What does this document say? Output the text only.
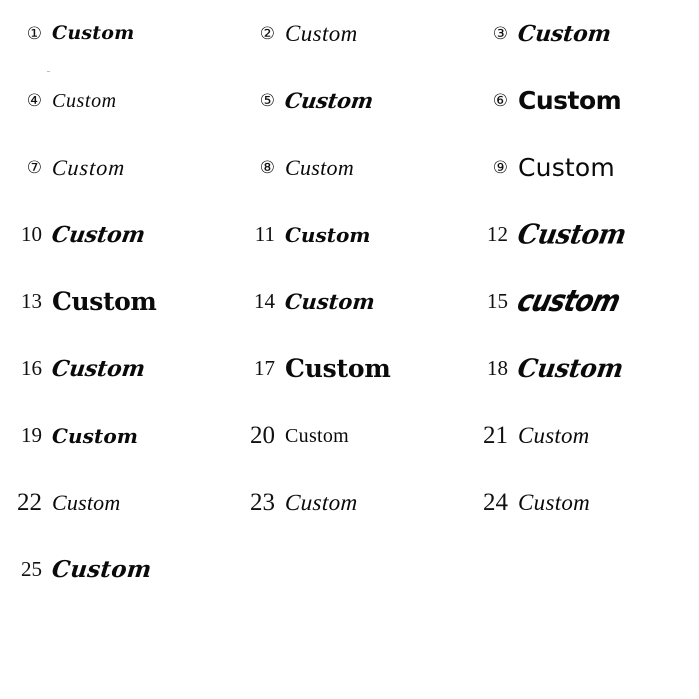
① Custom	② Custom	③ Custom
④ Custom	⑤ Custom	⑥ Custom
⑦ Custom	⑧ Custom	⑨ Custom
10 Custom	11 Custom	12 Custom
13 Custom	14 Custom	15 custom
16 Custom	17 Custom	18 Custom
19 Custom	20 Custom	21 Custom
22 Custom	23 Custom	24 Custom
25 Custom
